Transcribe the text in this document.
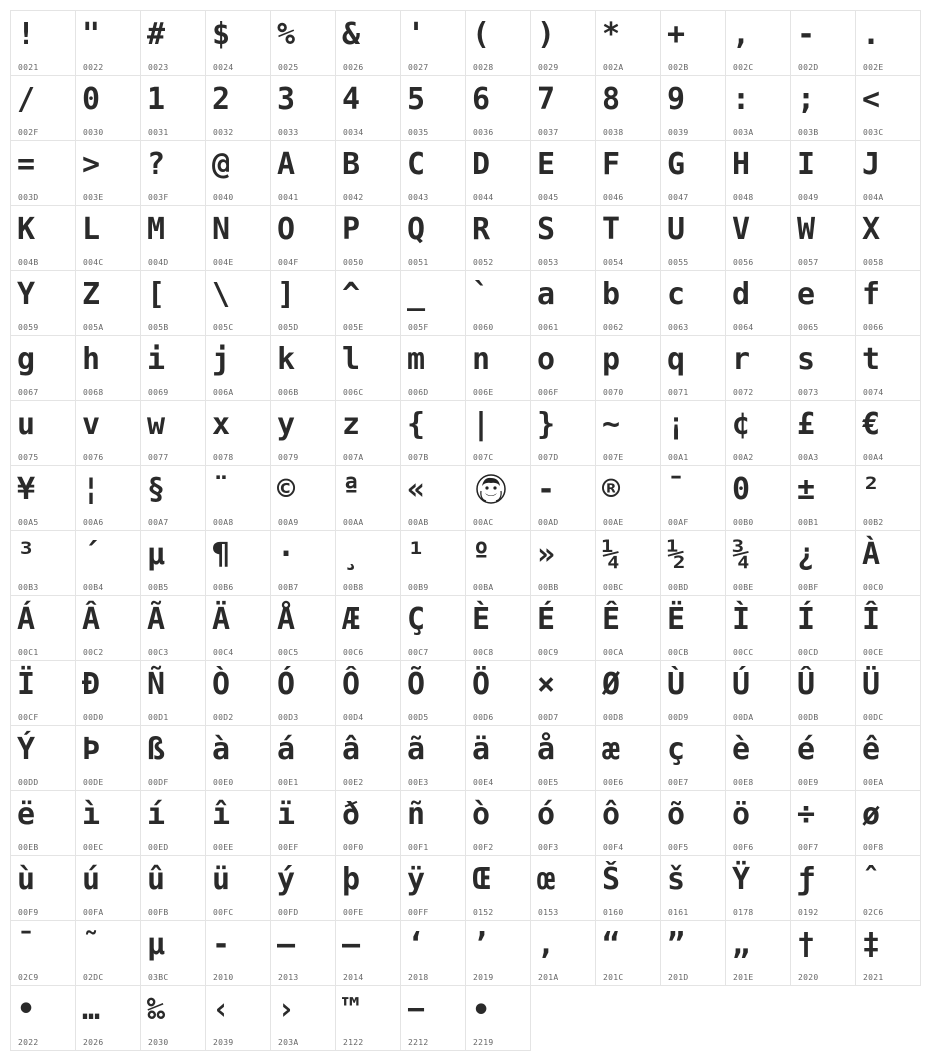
!
0021
"
0022
#
0023
$
0024
%
0025
&
0026
'
0027
(
0028
)
0029
*
002A
+
002B
,
002C
-
002D
.
002E
/
002F
0
0030
1
0031
2
0032
3
0033
4
0034
5
0035
6
0036
7
0037
8
0038
9
0039
:
003A
;
003B
<
003C
=
003D
>
003E
?
003F
@
0040
A
0041
B
0042
C
0043
D
0044
E
0045
F
0046
G
0047
H
0048
I
0049
J
004A
K
004B
L
004C
M
004D
N
004E
O
004F
P
0050
Q
0051
R
0052
S
0053
T
0054
U
0055
V
0056
W
0057
X
0058
Y
0059
Z
005A
[
005B
\
005C
]
005D
^
005E
_
005F
`
0060
a
0061
b
0062
c
0063
d
0064
e
0065
f
0066
g
0067
h
0068
i
0069
j
006A
k
006B
l
006C
m
006D
n
006E
o
006F
p
0070
q
0071
r
0072
s
0073
t
0074
u
0075
v
0076
w
0077
x
0078
y
0079
z
007A
{
007B
|
007C
}
007D
~
007E
¡
00A1
¢
00A2
£
00A3
€
00A4
¥
00A5
¦
00A6
§
00A7
¨
00A8
©
00A9
ª
00AA
«
00AB	00AC
-
00AD
®
00AE
¯
00AF
0
00B0
±
00B1
²
00B2
³
00B3
´
00B4
µ
00B5
¶
00B6
·
00B7
¸
00B8
¹
00B9
º
00BA
»
00BB
¼
00BC
½
00BD
¾
00BE
¿
00BF
À
00C0
Á
00C1
Â
00C2
Ã
00C3
Ä
00C4
Å
00C5
Æ
00C6
Ç
00C7
È
00C8
É
00C9
Ê
00CA
Ë
00CB
Ì
00CC
Í
00CD
Î
00CE
Ï
00CF
Ð
00D0
Ñ
00D1
Ò
00D2
Ó
00D3
Ô
00D4
Õ
00D5
Ö
00D6
×
00D7
Ø
00D8
Ù
00D9
Ú
00DA
Û
00DB
Ü
00DC
Ý
00DD
Þ
00DE
ß
00DF
à
00E0
á
00E1
â
00E2
ã
00E3
ä
00E4
å
00E5
æ
00E6
ç
00E7
è
00E8
é
00E9
ê
00EA
ë
00EB
ì
00EC
í
00ED
î
00EE
ï
00EF
ð
00F0
ñ
00F1
ò
00F2
ó
00F3
ô
00F4
õ
00F5
ö
00F6
÷
00F7
ø
00F8
ù
00F9
ú
00FA
û
00FB
ü
00FC
ý
00FD
þ
00FE
ÿ
00FF
Œ
0152
œ
0153
Š
0160
š
0161
Ÿ
0178
ƒ
0192
ˆ
02C6
ˉ
02C9
˜
02DC
μ
03BC
‐
2010
–
2013
—
2014
‘
2018
’
2019
‚
201A
“
201C
”
201D
„
201E
†
2020
‡
2021
•
2022
…
2026
‰
2030
‹
2039
›
203A
™
2122
−
2212
∙
2219
